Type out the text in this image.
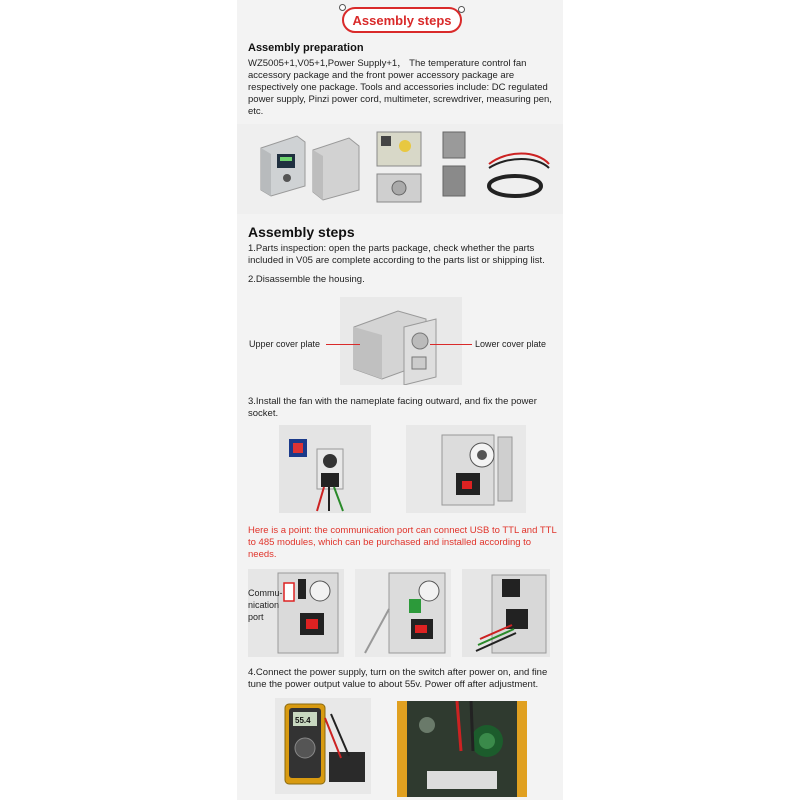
Assembly steps
Assembly preparation
WZ5005+1,V05+1,Power Supply+1， The temperature control fan accessory package and the front power accessory package are respectively one package. Tools and accessories include: DC regulated power supply, Pinzi power cord, multimeter, screwdriver, measuring pen, etc.
Assembly steps
1.Parts inspection: open the parts package, check whether the parts included in V05 are complete according to the parts list or shipping list.
2.Disassemble the housing.
Upper cover plate	Lower cover plate
3.Install the fan with the nameplate facing outward, and fix the power socket.
Here is a point: the communication port can connect USB to TTL and TTL to 485 modules, which can be purchased and installed according to needs.
Commu-
nication
port
4.Connect the power supply, turn on the switch after power on, and fine tune the power output value to about 55v. Power off after adjustment.
55.4
